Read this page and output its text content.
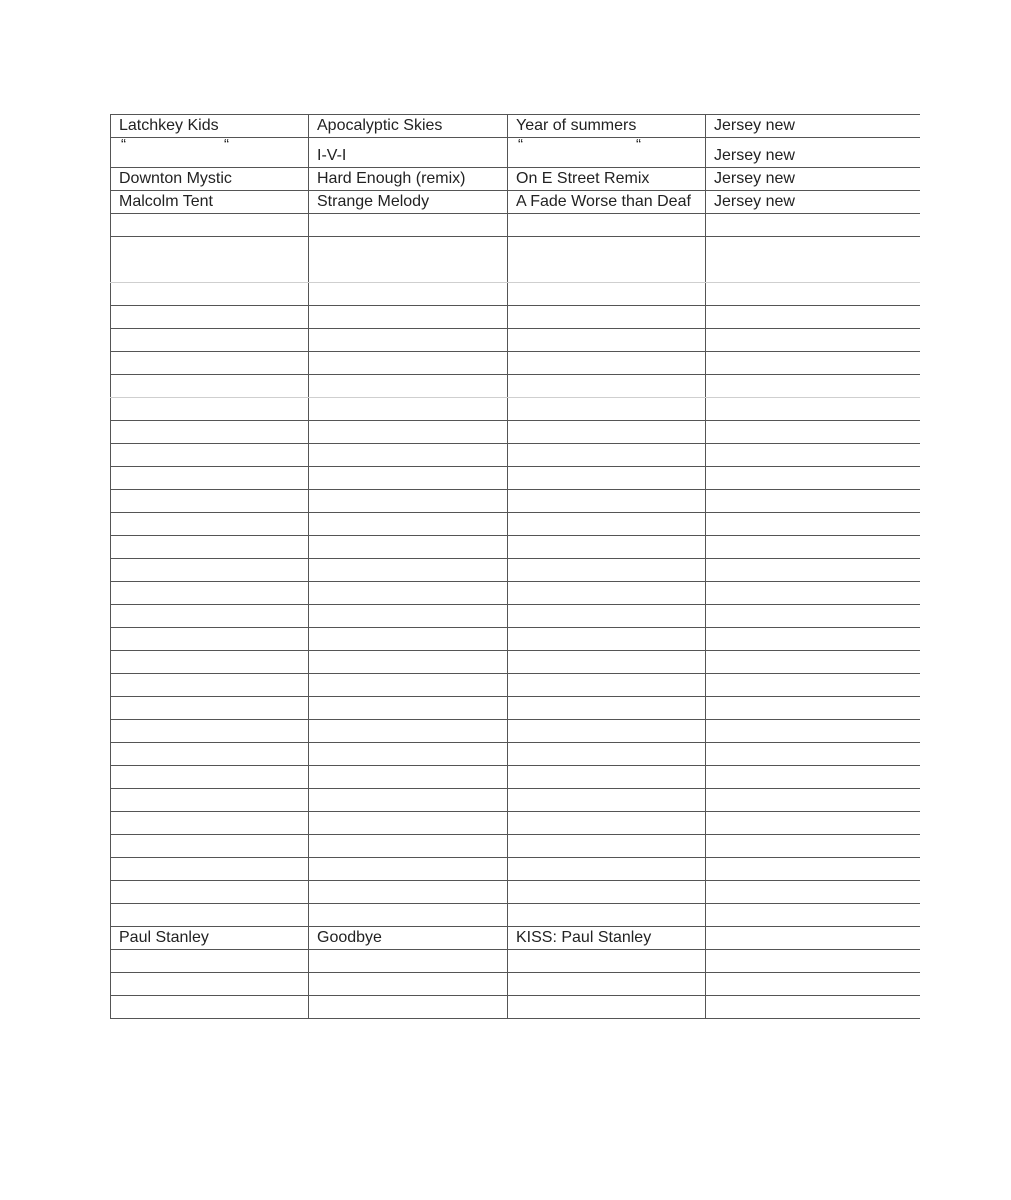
Latchkey Kids	Apocalyptic Skies	Year of summers	Jersey new

“ “	I-V-I	“ “	Jersey new
Downton Mystic	Hard Enough (remix)	On E Street Remix	Jersey new
Malcolm Tent	Strange Melody	A Fade Worse than Deaf	Jersey new

Paul Stanley	Goodbye	KISS: Paul Stanley	
